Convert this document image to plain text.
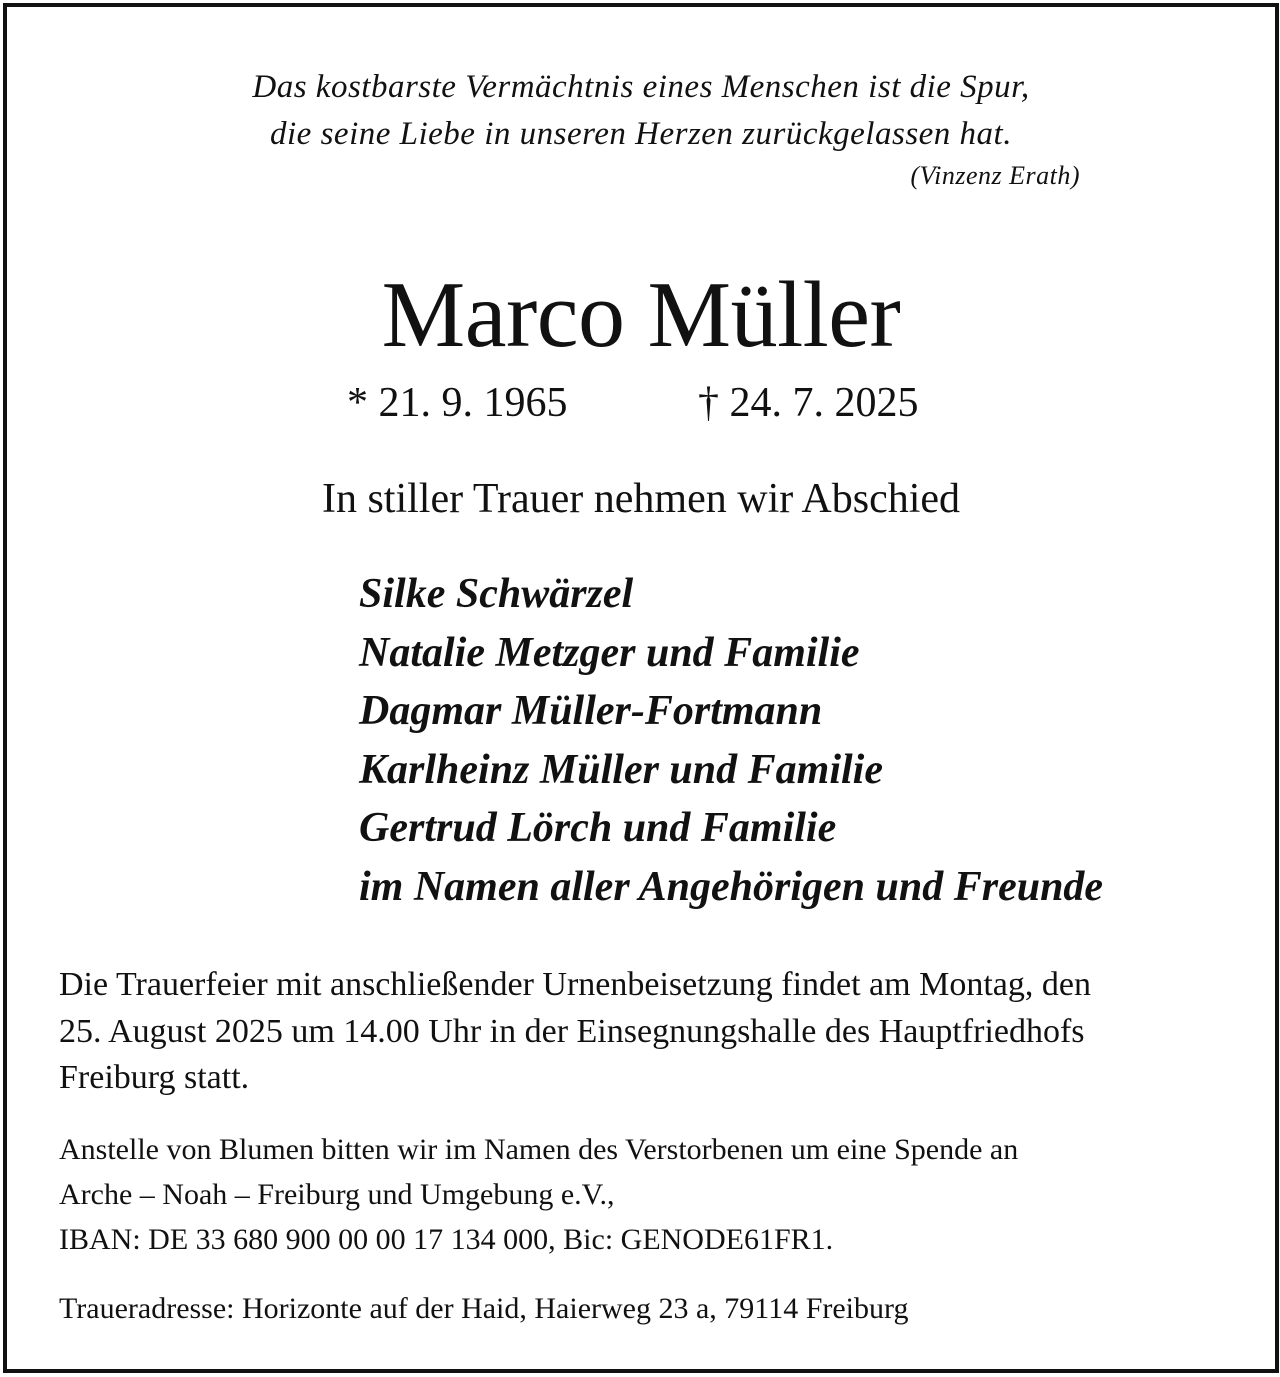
Das kostbarste Vermächtnis eines Menschen ist die Spur,
die seine Liebe in unseren Herzen zurückgelassen hat.
(Vinzenz Erath)
Marco Müller
* 21. 9. 1965	† 24. 7. 2025
In stiller Trauer nehmen wir Abschied
Silke Schwärzel
Natalie Metzger und Familie
Dagmar Müller-Fortmann
Karlheinz Müller und Familie
Gertrud Lörch und Familie
im Namen aller Angehörigen und Freunde
Die Trauerfeier mit anschließender Urnenbeisetzung findet am Montag, den
25. August 2025 um 14.00 Uhr in der Einsegnungshalle des Hauptfriedhofs
Freiburg statt.
Anstelle von Blumen bitten wir im Namen des Verstorbenen um eine Spende an
Arche – Noah – Freiburg und Umgebung e.V.,
IBAN: DE 33 680 900 00 00 17 134 000, Bic: GENODE61FR1.
Traueradresse: Horizonte auf der Haid, Haierweg 23 a, 79114 Freiburg
